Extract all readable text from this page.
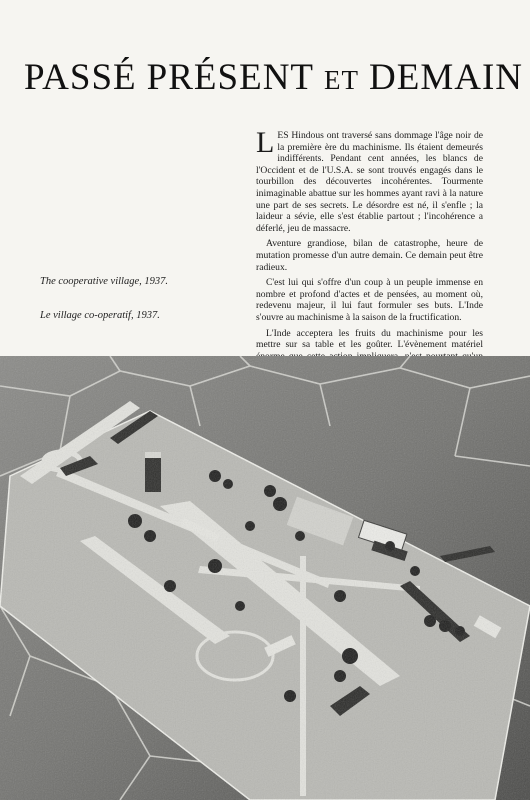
PASSÉ PRÉSENT ET DEMAIN

The cooperative village, 1937.

Le village co-operatif, 1937.

LES Hindous ont traversé sans dommage l'âge noir de la première ère du machinisme. Ils étaient demeurés indifférents. Pendant cent années, les blancs de l'Occident et de l'U.S.A. se sont trouvés engagés dans le tourbillon des découvertes incohérentes. Tourmente inimaginable abattue sur les hommes ayant ravi à la nature une part de ses secrets. Le désordre est né, il s'enfle ; la laideur a sévie, elle s'est établie partout ; l'incohérence a déferlé, jeu de massacre.

Aventure grandiose, bilan de catastrophe, heure de mutation promesse d'un autre demain. Ce demain peut être radieux.

C'est lui qui s'offre d'un coup à un peuple immense en nombre et profond d'actes et de pensées, au moment où, redevenu majeur, il lui faut formuler ses buts. L'Inde s'ouvre au machinisme à la saison de la fructification.

L'Inde acceptera les fruits du machinisme pour les mettre sur sa table et les goûter. L'évènement matériel
